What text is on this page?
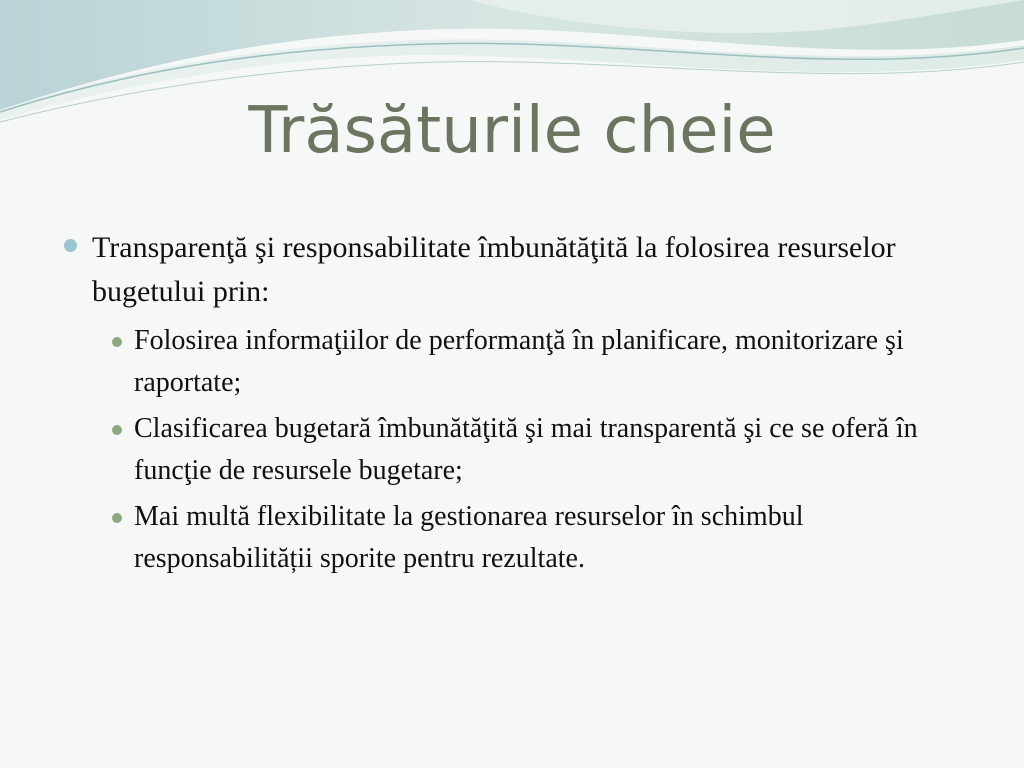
Trăsăturile cheie
Transparenţă şi responsabilitate îmbunătăţită la folosirea resurselor bugetului prin:
Folosirea informaţiilor de performanţă în planificare, monitorizare şi raportate;
Clasificarea bugetară îmbunătăţită şi mai transparentă şi ce se oferă în funcţie de resursele bugetare;
Mai multă flexibilitate la gestionarea resurselor în schimbul responsabilității sporite pentru rezultate.
